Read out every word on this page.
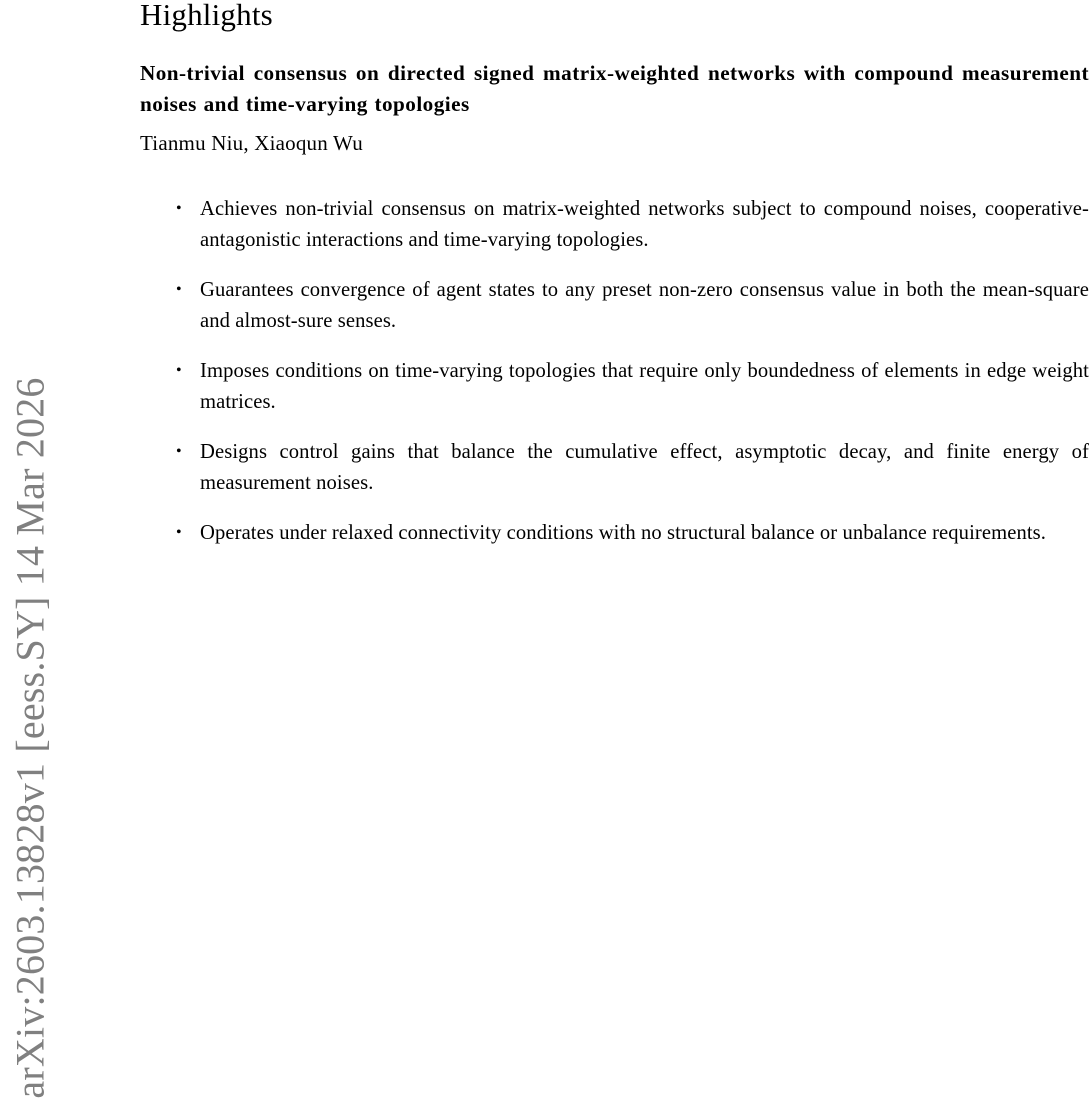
arXiv:2603.13828v1 [eess.SY] 14 Mar 2026
Highlights

Non-trivial consensus on directed signed matrix-weighted networks with compound measurement noises and time-varying topologies

Tianmu Niu, Xiaoqun Wu

• Achieves non-trivial consensus on matrix-weighted networks subject to compound noises, cooperative-antagonistic interactions and time-varying topologies.
• Guarantees convergence of agent states to any preset non-zero consensus value in both the mean-square and almost-sure senses.
• Imposes conditions on time-varying topologies that require only boundedness of elements in edge weight matrices.
• Designs control gains that balance the cumulative effect, asymptotic decay, and finite energy of measurement noises.
• Operates under relaxed connectivity conditions with no structural balance or unbalance requirements.
